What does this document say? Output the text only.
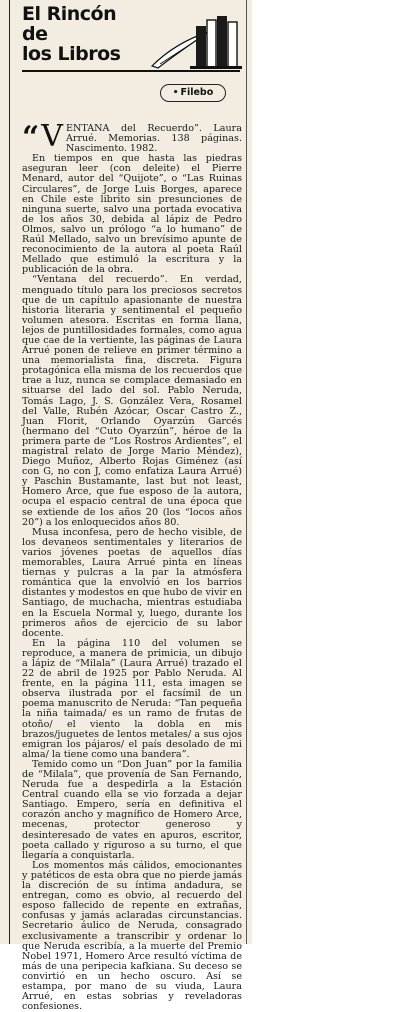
El Rincón
de
los Libros
• Filebo

“ V ENTANA del Recuerdo”. Laura Arrué. Memorias. 138 páginas. Nascimento. 1982.

En tiempos en que hasta las piedras aseguran leer (con deleite) el Pierre Menard, autor del “Quijote”, o “Las Ruinas Circulares”, de Jorge Luis Borges, aparece en Chile este librito sin presunciones de ninguna suerte, salvo una portada evocativa de los años 30, debida al lápiz de Pedro Olmos, salvo un prólogo “a lo humano” de Raúl Mellado, salvo un brevísimo apunte de reconocimiento de la autora al poeta Raúl Mellado que estimuló la escritura y la publicación de la obra.

“Ventana del recuerdo”. En verdad, menguado título para los preciosos secretos que de un capítulo apasionante de nuestra historia literaria y sentimental el pequeño volumen atesora. Escritas en forma llana, lejos de puntillosidades formales, como agua que cae de la vertiente, las páginas de Laura Arrué ponen de relieve en primer término a una memorialista fina, discreta. Figura protagónica ella misma de los recuerdos que trae a luz, nunca se complace demasiado en situarse del lado del sol. Pablo Neruda, Tomás Lago, J. S. González Vera, Rosamel del Valle, Rubén Azócar, Oscar Castro Z., Juan Florit, Orlando Oyarzún Garcés (hermano del “Cuto Oyarzún”, héroe de la primera parte de “Los Rostros Ardientes”, el magistral relato de Jorge Mario Méndez), Diego Muñoz, Alberto Rojas Giménez (así con G, no con J, como enfatiza Laura Arrué) y Paschin Bustamante, last but not least, Homero Arce, que fue esposo de la autora, ocupa el espacio central de una época que se extiende de los años 20 (los “locos años 20”) a los enloquecidos años 80.

Musa inconfesa, pero de hecho visible, de los devaneos sentimentales y literarios de varios jóvenes poetas de aquellos días memorables, Laura Arrué pinta en líneas tiernas y pulcras a la par la atmósfera romántica que la envolvió en los barrios distantes y modestos en que hubo de vivir en Santiago, de muchacha, mientras estudiaba en la Escuela Normal y, luego, durante los primeros años de ejercicio de su labor docente.

En la página 110 del volumen se reproduce, a manera de primicia, un dibujo a lápiz de “Milala” (Laura Arrué) trazado el 22 de abril de 1925 por Pablo Neruda. Al frente, en la página 111, esta imagen se observa ilustrada por el facsímil de un poema manuscrito de Neruda: “Tan pequeña la niña taimada/ es un ramo de frutas de otoño/ el viento la dobla en mis brazos/juguetes de lentos metales/ a sus ojos emigran los pájaros/ el país desolado de mi alma/ la tiene como una bandera”.

Temido como un “Don Juan” por la familia de “Milala”, que provenía de San Fernando, Neruda fue a despedirla a la Estación Central cuando ella se vio forzada a dejar Santiago. Empero, sería en definitiva el corazón ancho y magnífico de Homero Arce, mecenas, protector generoso y desinteresado de vates en apuros, escritor, poeta callado y riguroso a su turno, el que llegaría a conquistarla.

Los momentos más cálidos, emocionantes y patéticos de esta obra que no pierde jamás la discreción de su íntima andadura, se entregan, como es obvio, al recuerdo del esposo fallecido de repente en extrañas, confusas y jamás aclaradas circunstancias. Secretario áulico de Neruda, consagrado exclusivamente a transcribir y ordenar lo que Neruda escribía, a la muerte del Premio Nobel 1971, Homero Arce resultó víctima de más de una peripecia kafkiana. Su deceso se convirtió en un hecho oscuro. Así se estampa, por mano de su viuda, Laura Arrué, en estas sobrias y reveladoras confesiones.
